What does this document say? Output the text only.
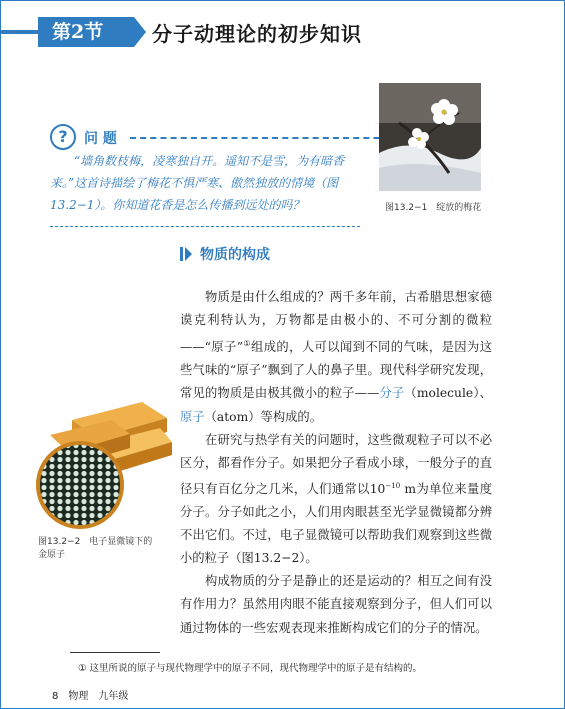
第2节	分子动理论的初步知识
?	问 题
“墙角数枝梅，凌寒独自开。遥知不是雪，为有暗香来。”这首诗描绘了梅花不惧严寒、傲然独放的情境（图13.2−1）。你知道花香是怎么传播到远处的吗？	图13.2−1　绽放的梅花
物质的构成

物质是由什么组成的？两千多年前，古希腊思想家德谟克利特认为，万物都是由极小的、不可分割的微粒——“原子”①组成的，人可以闻到不同的气味，是因为这些气味的“原子”飘到了人的鼻子里。现代科学研究发现，常见的物质是由极其微小的粒子——分子（molecule）、原子（atom）等构成的。

在研究与热学有关的问题时，这些微观粒子可以不必区分，都看作分子。如果把分子看成小球，一般分子的直径只有百亿分之几米，人们通常以$10^{-10}$ m为单位来量度分子。分子如此之小，人们用肉眼甚至光学显微镜都分辨不出它们。不过，电子显微镜可以帮助我们观察到这些微小的粒子（图13.2−2）。

构成物质的分子是静止的还是运动的？相互之间有没有作用力？虽然用肉眼不能直接观察到分子，但人们可以通过物体的一些宏观表现来推断构成它们的分子的情况。

图13.2−2　电子显微镜下的金原子
① 这里所说的原子与现代物理学中的原子不同，现代物理学中的原子是有结构的。
8 物理 九年级
